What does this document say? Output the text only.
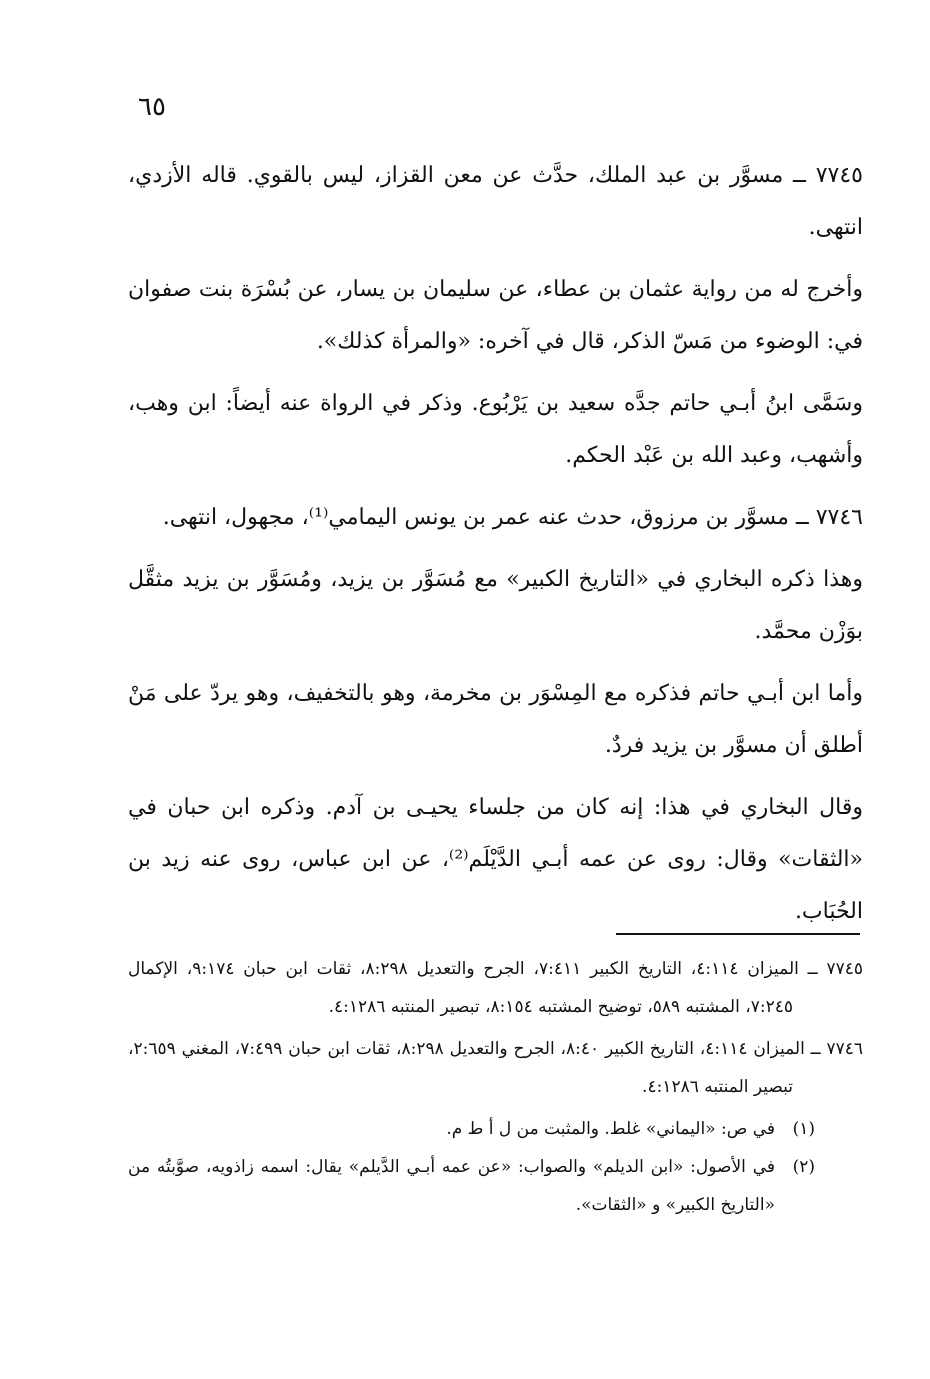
٦٥

٧٧٤٥ ــ مسوَّر بن عبد الملك، حدَّث عن معن القزاز، ليس بالقوي. قاله الأزدي، انتهى.

وأخرج له من رواية عثمان بن عطاء، عن سليمان بن يسار، عن بُسْرَة بنت صفوان في: الوضوء من مَسّ الذكر، قال في آخره: «والمرأة كذلك».

وسَمَّى ابنُ أبـي حاتم جدَّه سعيد بن يَرْبُوع. وذكر في الرواة عنه أيضاً: ابن وهب، وأشهب، وعبد الله بن عَبْد الحكم.

٧٧٤٦ ــ مسوَّر بن مرزوق، حدث عنه عمر بن يونس اليمامي⁽¹⁾، مجهول، انتهى.

وهذا ذكره البخاري في «التاريخ الكبير» مع مُسَوَّر بن يزيد، ومُسَوَّر بن يزيد مثقَّل بوَزْن محمَّد.

وأما ابن أبـي حاتم فذكره مع المِسْوَر بن مخرمة، وهو بالتخفيف، وهو يردّ على مَنْ أطلق أن مسوَّر بن يزيد فردٌ.

وقال البخاري في هذا: إنه كان من جلساء يحيـى بن آدم. وذكره ابن حبان في «الثقات» وقال: روى عن عمه أبـي الدَّيْلَم⁽²⁾، عن ابن عباس، روى عنه زيد بن الحُبَاب.

٧٧٤٥ ــ الميزان ٤:١١٤، التاريخ الكبير ٧:٤١١، الجرح والتعديل ٨:٢٩٨، ثقات ابن حبان ٩:١٧٤، الإكمال ٧:٢٤٥، المشتبه ٥٨٩، توضيح المشتبه ٨:١٥٤، تبصير المنتبه ٤:١٢٨٦.

٧٧٤٦ ــ الميزان ٤:١١٤، التاريخ الكبير ٨:٤٠، الجرح والتعديل ٨:٢٩٨، ثقات ابن حبان ٧:٤٩٩، المغني ٢:٦٥٩، تبصير المنتبه ٤:١٢٨٦.

(١)
في ص: «اليماني» غلط. والمثبت من ل أ ط م.

(٢)
في الأصول: «ابن الديلم» والصواب: «عن عمه أبـي الدَّيلم» يقال: اسمه زاذويه، صوَّبتُه من «التاريخ الكبير» و «الثقات».
